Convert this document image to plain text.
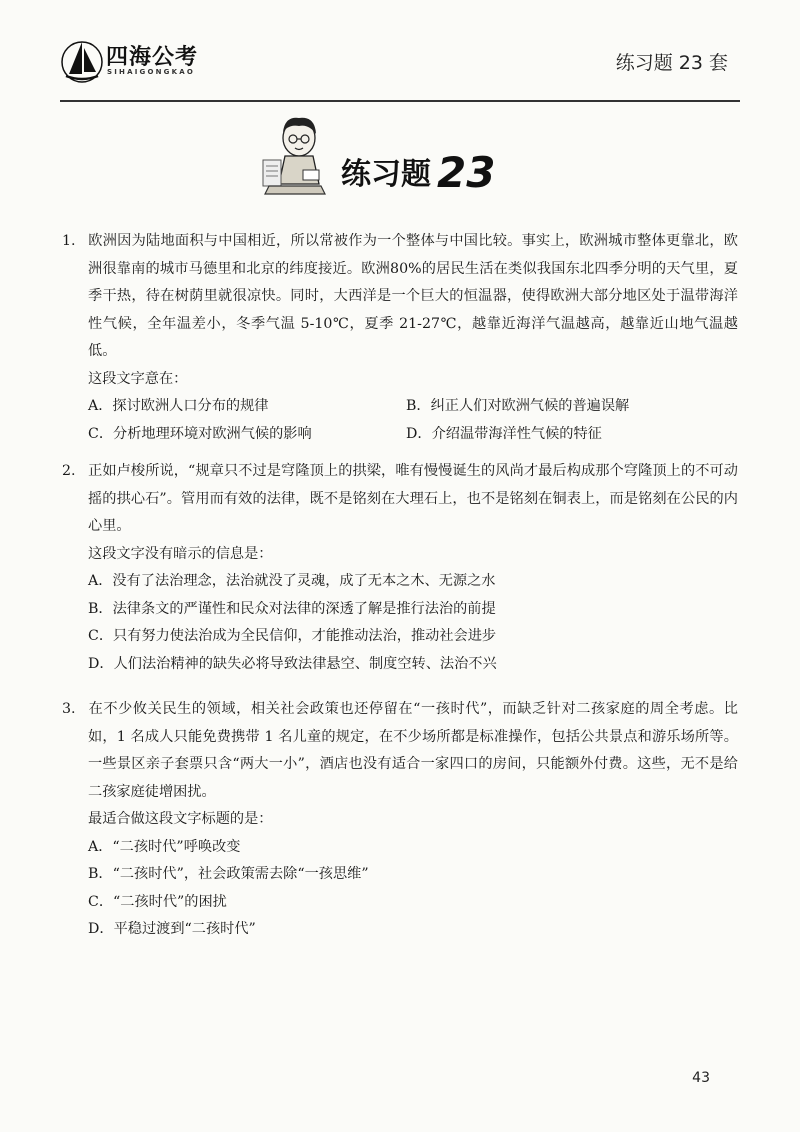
四海公考
SIHAIGONGKAO	练习题 23 套
练习题 23
1. 欧洲因为陆地面积与中国相近，所以常被作为一个整体与中国比较。事实上，欧洲城市整体更靠北，欧洲很靠南的城市马德里和北京的纬度接近。欧洲80%的居民生活在类似我国东北四季分明的天气里，夏季干热，待在树荫里就很凉快。同时，大西洋是一个巨大的恒温器，使得欧洲大部分地区处于温带海洋性气候，全年温差小，冬季气温 5-10℃，夏季 21-27℃，越靠近海洋气温越高，越靠近山地气温越低。
这段文字意在：
A．探讨欧洲人口分布的规律	B．纠正人们对欧洲气候的普遍误解
C．分析地理环境对欧洲气候的影响	D．介绍温带海洋性气候的特征
2. 正如卢梭所说，“规章只不过是穹隆顶上的拱梁，唯有慢慢诞生的风尚才最后构成那个穹隆顶上的不可动摇的拱心石”。管用而有效的法律，既不是铭刻在大理石上，也不是铭刻在铜表上，而是铭刻在公民的内心里。
这段文字没有暗示的信息是：
A．没有了法治理念，法治就没了灵魂，成了无本之木、无源之水
B．法律条文的严谨性和民众对法律的深透了解是推行法治的前提
C．只有努力使法治成为全民信仰，才能推动法治，推动社会进步
D．人们法治精神的缺失必将导致法律悬空、制度空转、法治不兴
3. 在不少攸关民生的领域，相关社会政策也还停留在“一孩时代”，而缺乏针对二孩家庭的周全考虑。比如，1 名成人只能免费携带 1 名儿童的规定，在不少场所都是标准操作，包括公共景点和游乐场所等。一些景区亲子套票只含“两大一小”，酒店也没有适合一家四口的房间，只能额外付费。这些，无不是给二孩家庭徒增困扰。
最适合做这段文字标题的是：
A．“二孩时代”呼唤改变
B．“二孩时代”，社会政策需去除“一孩思维”
C．“二孩时代”的困扰
D．平稳过渡到“二孩时代”
43
